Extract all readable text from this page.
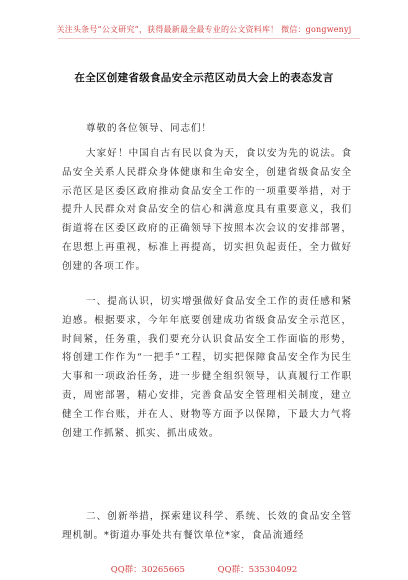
关注头条号“公文研究”，获得最新最全最专业的公文资料库！ 微信：gongwenyj
在全区创建省级食品安全示范区动员大会上的表态发言

尊敬的各位领导、同志们！

大家好！中国自古有民以食为天，食以安为先的说法。食品安全关系人民群众身体健康和生命安全，创建省级食品安全示范区是区委区政府推动食品安全工作的一项重要举措，对于提升人民群众对食品安全的信心和满意度具有重要意义，我们街道将在区委区政府的正确领导下按照本次会议的安排部署，在思想上再重视，标准上再提高，切实担负起责任，全力做好创建的各项工作。

一、提高认识，切实增强做好食品安全工作的责任感和紧迫感。根据要求，今年年底要创建成功省级食品安全示范区，时间紧，任务重，我们要充分认识食品安全工作面临的形势，将创建工作作为“一把手”工程，切实把保障食品安全作为民生大事和一项政治任务，进一步健全组织领导，认真履行工作职责，周密部署，精心安排，完善食品安全管理相关制度，建立健全工作台账，并在人、财物等方面予以保障，下最大力气将创建工作抓紧、抓实、抓出成效。

二、创新举措，探索建议科学、系统、长效的食品安全管理机制。*街道办事处共有餐饮单位*家，食品流通经

QQ群：30265665	QQ群：535304092
